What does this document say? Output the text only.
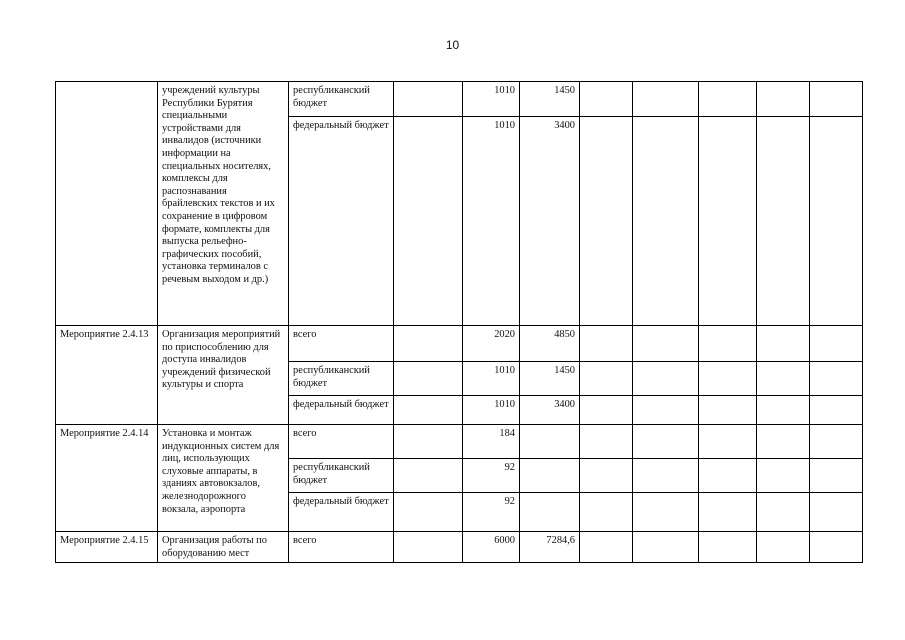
10
	учреждений культуры Республики Бурятия специальными устройствами для инвалидов (источники информации на специальных носителях, комплексы для распознавания брайлевских текстов и их сохранение в цифровом формате, комплекты для выпуска рельефно-графических пособий, установка терминалов с речевым выходом и др.)	республиканский бюджет		1010	1450					
		федеральный бюджет		1010	3400					
Мероприятие 2.4.13	Организация мероприятий по приспособлению для доступа инвалидов учреждений физической культуры и спорта	всего		2020	4850					
		республиканский бюджет		1010	1450					
		федеральный бюджет		1010	3400					
Мероприятие 2.4.14	Установка и монтаж индукционных систем для лиц, использующих слуховые аппараты, в зданиях автовокзалов, железнодорожного вокзала, аэропорта	всего		184						
		республиканский бюджет		92						
		федеральный бюджет		92						
Мероприятие 2.4.15	Организация работы по оборудованию мест	всего		6000	7284,6					
